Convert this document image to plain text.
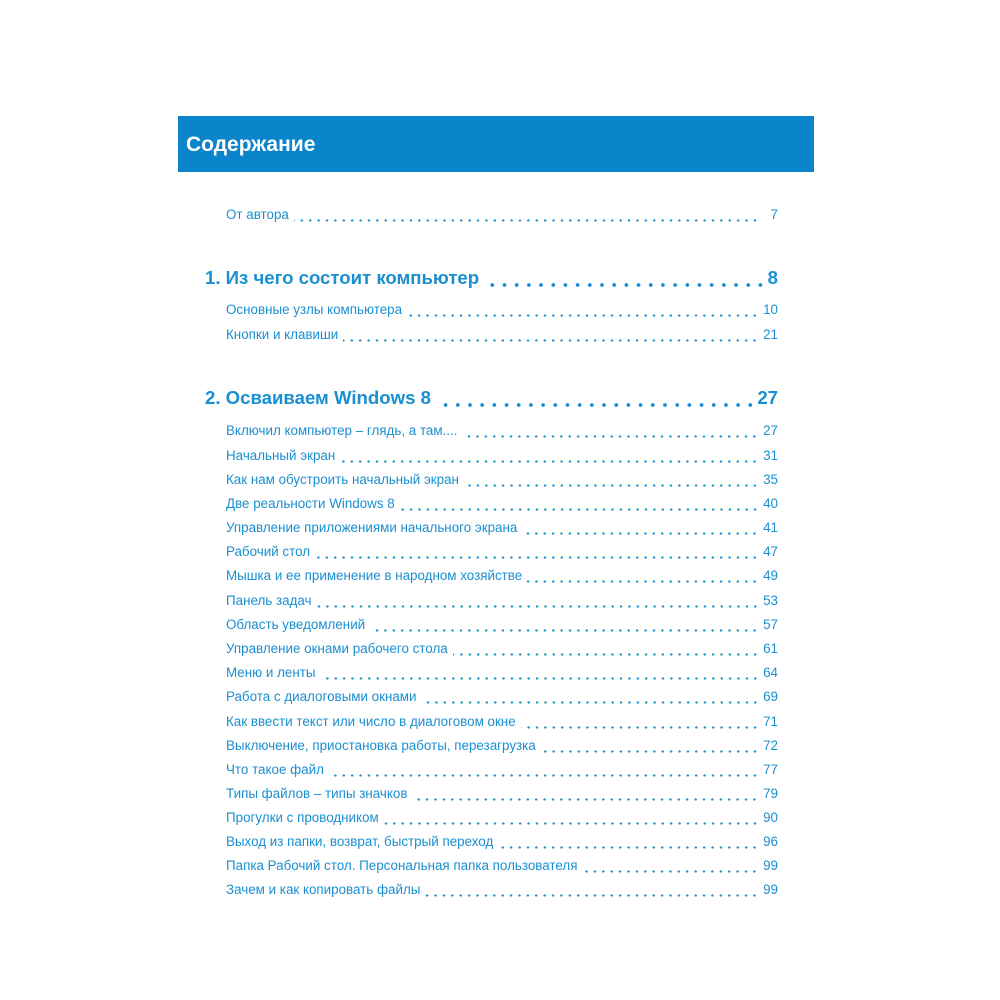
Содержание
От автора	7
1. Из чего состоит компьютер	8
Основные узлы компьютера	10
Кнопки и клавиши	21
2. Осваиваем Windows 8	27
Включил компьютер – глядь, а там....	27
Начальный экран	31
Как нам обустроить начальный экран	35
Две реальности Windows 8	40
Управление приложениями начального экрана	41
Рабочий стол	47
Мышка и ее применение в народном хозяйстве	49
Панель задач	53
Область уведомлений	57
Управление окнами рабочего стола	61
Меню и ленты	64
Работа с диалоговыми окнами	69
Как ввести текст или число в диалоговом окне	71
Выключение, приостановка работы, перезагрузка	72
Что такое файл	77
Типы файлов – типы значков	79
Прогулки с проводником	90
Выход из папки, возврат, быстрый переход	96
Папка Рабочий стол. Персональная папка пользователя	99
Зачем и как копировать файлы	99
